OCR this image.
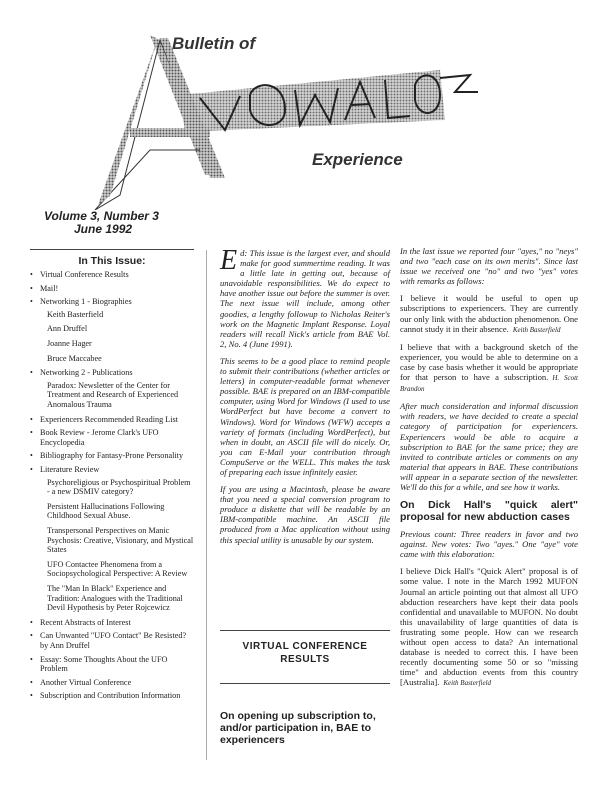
Bulletin of
Experience
Volume 3, Number 3
June 1992
In This Issue:
• Virtual Conference Results
• Mail!
• Networking 1 - Biographies
Keith Basterfield
Ann Druffel
Joanne Hager
Bruce Maccabee
• Networking 2 - Publications
Paradox: Newsletter of the Center for Treatment and Research of Experienced Anomalous Trauma
• Experiencers Recommended Reading List
• Book Review - Jerome Clark's UFO Encyclopedia
• Bibliography for Fantasy-Prone Personality
• Literature Review
Psychoreligious or Psychospiritual Problem - a new DSMIV category?
Persistent Hallucinations Following Childhood Sexual Abuse.
Transpersonal Perspectives on Manic Psychosis: Creative, Visionary, and Mystical States
UFO Contactee Phenomena from a Sociopsychological Perspective: A Review
The "Man In Black" Experience and Tradition: Analogues with the Traditional Devil Hypothesis by Peter Rojcewicz
• Recent Abstracts of Interest
• Can Unwanted "UFO Contact" Be Resisted? by Ann Druffel
• Essay: Some Thoughts About the UFO Problem
• Another Virtual Conference
• Subscription and Contribution Information

Ed: This issue is the largest ever, and should make for good summertime reading. It was a little late in getting out, because of unavoidable responsibilities. We do expect to have another issue out before the summer is over. The next issue will include, among other goodies, a lengthy followup to Nicholas Reiter's work on the Magnetic Implant Response. Loyal readers will recall Nick's article from BAE Vol. 2, No. 4 (June 1991).

This seems to be a good place to remind people to submit their contributions (whether articles or letters) in computer-readable format whenever possible. BAE is prepared on an IBM-compatible computer, using Word for Windows (I used to use WordPerfect but have become a convert to Windows). Word for Windows (WFW) accepts a variety of formats (including WordPerfect), but when in doubt, an ASCII file will do nicely. Or, you can E-Mail your contribution through CompuServe or the WELL. This makes the task of preparing each issue infinitely easier.

If you are using a Macintosh, please be aware that you need a special conversion program to produce a diskette that will be readable by an IBM-compatible machine. An ASCII file produced from a Mac application without using this special utility is unusable by our system.

VIRTUAL CONFERENCE
RESULTS
On opening up subscription to, and/or participation in, BAE to experiencers

In the last issue we reported four "ayes," no "neys" and two "each case on its own merits". Since last issue we received one "no" and two "yes" votes with remarks as follows:

I believe it would be useful to open up subscriptions to experiencers. They are currently our only link with the abduction phenomenon. One cannot study it in their absence. Keith Basterfield

I believe that with a background sketch of the experiencer, you would be able to determine on a case by case basis whether it would be appropriate for that person to have a subscription. H. Scott Brandon

After much consideration and informal discussion with readers, we have decided to create a special category of participation for experiencers. Experiencers would be able to acquire a subscription to BAE for the same price; they are invited to contribute articles or comments on any material that appears in BAE. These contributions will appear in a separate section of the newsletter. We'll do this for a while, and see how it works.

On Dick Hall's "quick alert" proposal for new abduction cases

Previous count: Three readers in favor and two against. New votes: Two "ayes." One "aye" vote came with this elaboration:

I believe Dick Hall's "Quick Alert" proposal is of some value. I note in the March 1992 MUFON Journal an article pointing out that almost all UFO abduction researchers have kept their data pools confidential and unavailable to MUFON. No doubt this unavailability of large quantities of data is frustrating some people. How can we research without open access to data? An international database is needed to correct this. I have been recently documenting some 50 or so "missing time" and abduction events from this country [Australia]. Keith Basterfield
